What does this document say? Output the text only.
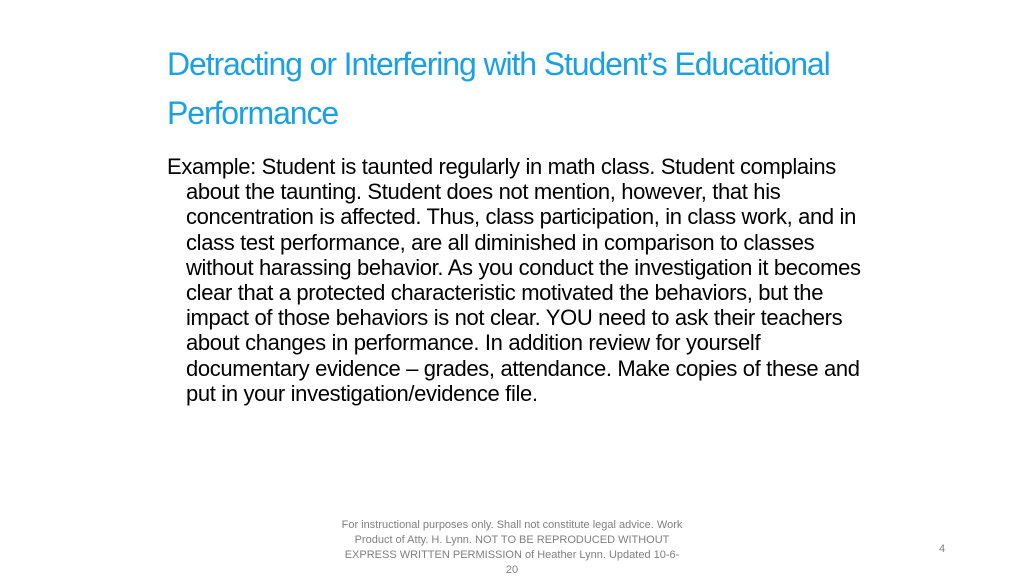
Detracting or Interfering with Student’s Educational Performance

Example: Student is taunted regularly in math class. Student complains about the taunting. Student does not mention, however, that his concentration is affected. Thus, class participation, in class work, and in class test performance, are all diminished in comparison to classes without harassing behavior. As you conduct the investigation it becomes clear that a protected characteristic motivated the behaviors, but the impact of those behaviors is not clear. YOU need to ask their teachers about changes in performance. In addition review for yourself documentary evidence – grades, attendance. Make copies of these and put in your investigation/evidence file.

For instructional purposes only. Shall not constitute legal advice. Work Product of Atty. H. Lynn. NOT TO BE REPRODUCED WITHOUT EXPRESS WRITTEN PERMISSION of Heather Lynn. Updated 10-6-20

4
